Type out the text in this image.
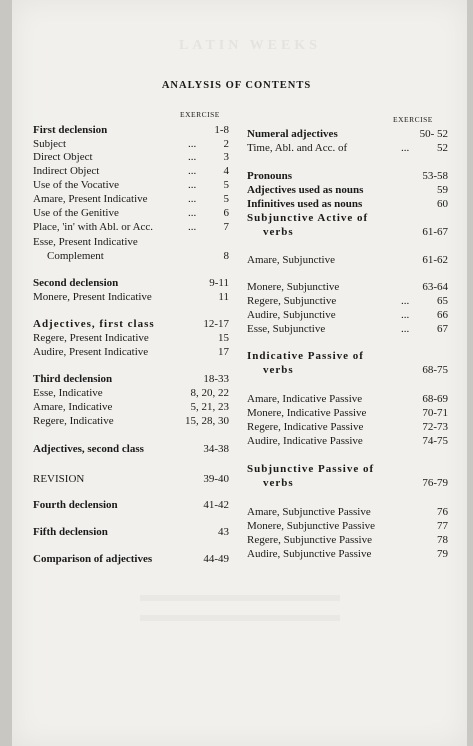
LATIN WEEKS
ANALYSIS OF CONTENTS
EXERCISE
EXERCISE
First declension	1-8
Subject	... 2
Direct Object	... 3
Indirect Object	... 4
Use of the Vocative	... 5
Amare, Present Indicative	... 5
Use of the Genitive	... 6
Place, 'in' with Abl. or Acc.	... 7
Esse, Present Indicative
Complement	8
Second declension	9-11
Monere, Present Indicative	11
Adjectives, first class	12-17
Regere, Present Indicative	15
Audire, Present Indicative	17
Third declension	18-33
Esse, Indicative	8, 20, 22
Amare, Indicative	5, 21, 23
Regere, Indicative	15, 28, 30
Adjectives, second class	34-38
REVISION	39-40
Fourth declension	41-42
Fifth declension	43
Comparison of adjectives	44-49
Numeral adjectives	50- 52
Time, Abl. and Acc. of	...	52
Pronouns	53-58
Adjectives used as nouns	59
Infinitives used as nouns	60
Subjunctive Active of
verbs	61-67
Amare, Subjunctive	61-62
Monere, Subjunctive	63-64
Regere, Subjunctive	...	65
Audire, Subjunctive	...	66
Esse, Subjunctive	...	67
Indicative Passive of
verbs	68-75
Amare, Indicative Passive	68-69
Monere, Indicative Passive	70-71
Regere, Indicative Passive	72-73
Audire, Indicative Passive	74-75
Subjunctive Passive of
verbs	76-79
Amare, Subjunctive Passive	76
Monere, Subjunctive Passive	77
Regere, Subjunctive Passive	78
Audire, Subjunctive Passive	79
